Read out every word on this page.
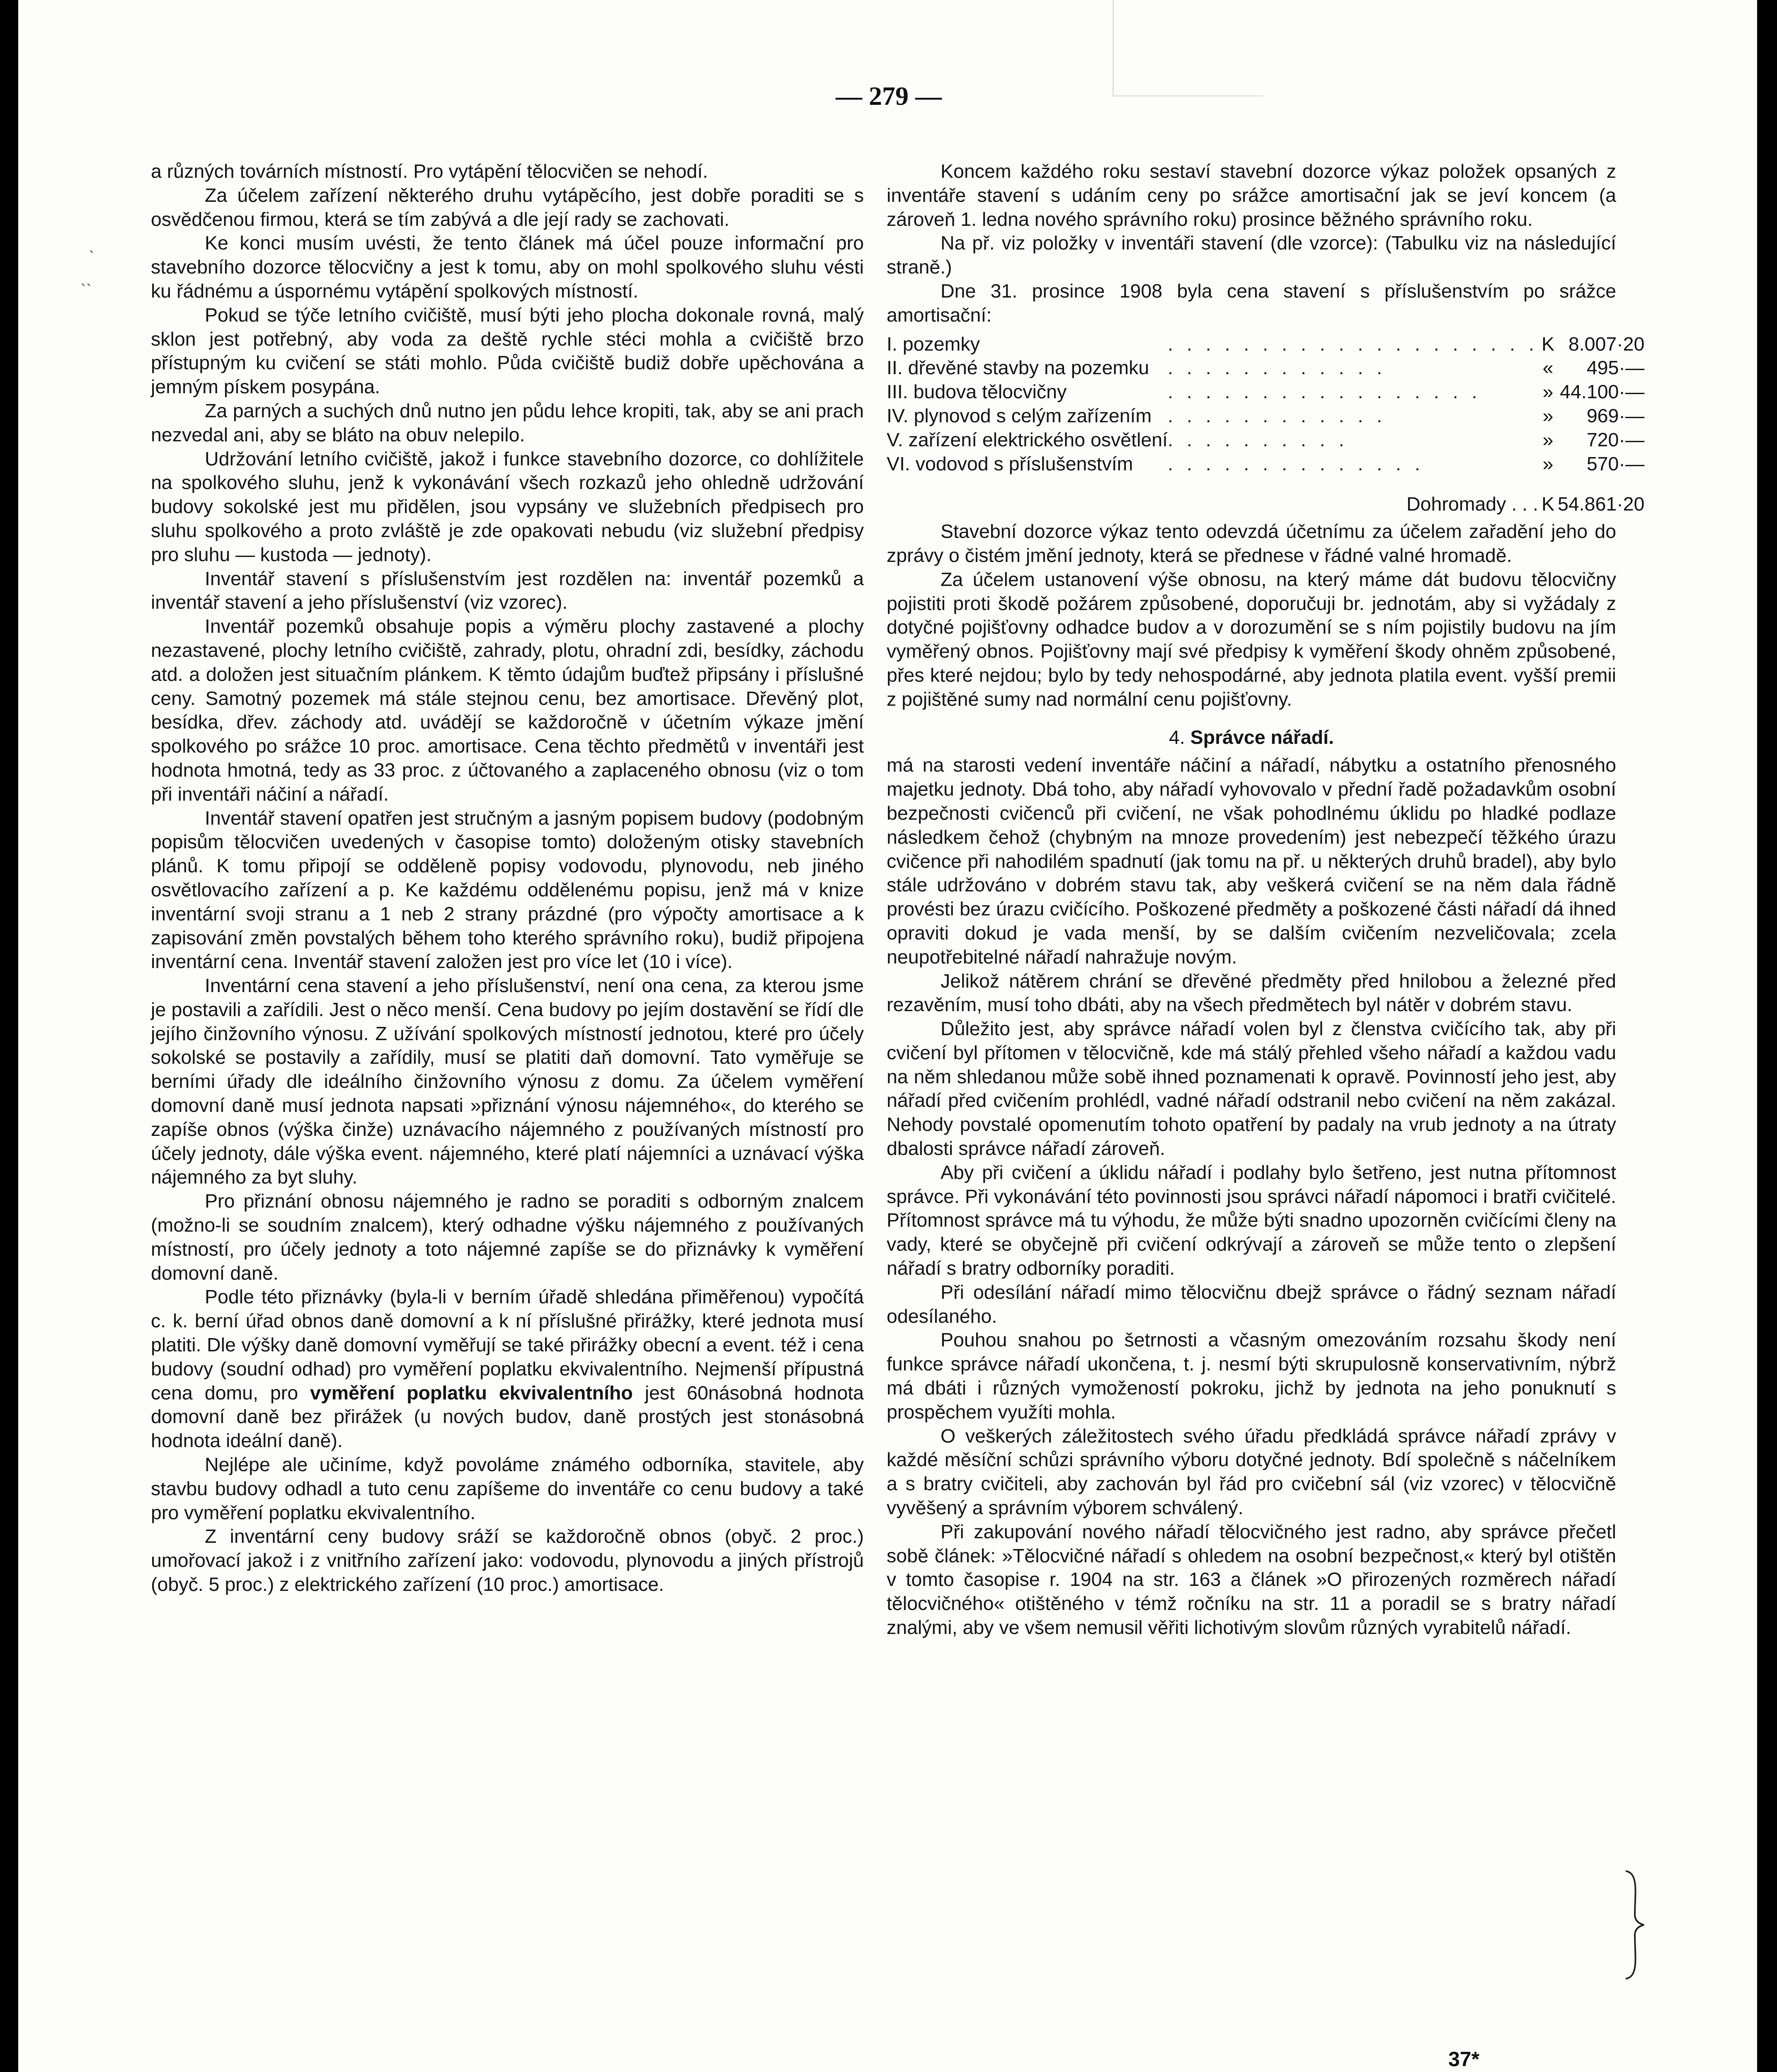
˴
˴˴
— 279 —

a různých továrních místností. Pro vytápění tělocvičen se nehodí.

Za účelem zařízení některého druhu vytápěcího, jest dobře poraditi se s osvědčenou firmou, která se tím zabývá a dle její rady se zachovati.

Ke konci musím uvésti, že tento článek má účel pouze informační pro stavebního dozorce tělocvičny a jest k tomu, aby on mohl spolkového sluhu vésti ku řádnému a úspornému vytápění spolkových místností.

Pokud se týče letního cvičiště, musí býti jeho plocha dokonale rovná, malý sklon jest potřebný, aby voda za deště rychle stéci mohla a cvičiště brzo přístupným ku cvičení se státi mohlo. Půda cvičiště budiž dobře upěchována a jemným pískem posypána.

Za parných a suchých dnů nutno jen půdu lehce kropiti, tak, aby se ani prach nezvedal ani, aby se bláto na obuv nelepilo.

Udržování letního cvičiště, jakož i funkce stavebního dozorce, co dohlížitele na spolkového sluhu, jenž k vykonávání všech rozkazů jeho ohledně udržování budovy sokolské jest mu přidělen, jsou vypsány ve služebních předpisech pro sluhu spolkového a proto zvláště je zde opakovati nebudu (viz služební předpisy pro sluhu — kustoda — jednoty).

Inventář stavení s příslušenstvím jest rozdělen na: inventář pozemků a inventář stavení a jeho příslušenství (viz vzorec).

Inventář pozemků obsahuje popis a výměru plochy zastavené a plochy nezastavené, plochy letního cvičiště, zahrady, plotu, ohradní zdi, besídky, záchodu atd. a doložen jest situačním plánkem. K těmto údajům buďtež připsány i příslušné ceny. Samotný pozemek má stále stejnou cenu, bez amortisace. Dřevěný plot, besídka, dřev. záchody atd. uvádějí se každoročně v účetním výkaze jmění spolkového po srážce 10 proc. amortisace. Cena těchto předmětů v inventáři jest hodnota hmotná, tedy as 33 proc. z účtovaného a zaplaceného obnosu (viz o tom při inventáři náčiní a nářadí.

Inventář stavení opatřen jest stručným a jasným popisem budovy (podobným popisům tělocvičen uvedených v časopise tomto) doloženým otisky stavebních plánů. K tomu připojí se odděleně popisy vodovodu, plynovodu, neb jiného osvětlovacího zařízení a p. Ke každému oddělenému popisu, jenž má v knize inventární svoji stranu a 1 neb 2 strany prázdné (pro výpočty amortisace a k zapisování změn povstalých během toho kterého správního roku), budiž připojena inventární cena. Inventář stavení založen jest pro více let (10 i více).

Inventární cena stavení a jeho příslušenství, není ona cena, za kterou jsme je postavili a zařídili. Jest o něco menší. Cena budovy po jejím dostavění se řídí dle jejího činžovního výnosu. Z užívání spolkových místností jednotou, které pro účely sokolské se postavily a zařídily, musí se platiti daň domovní. Tato vyměřuje se berními úřady dle ideálního činžovního výnosu z domu. Za účelem vyměření domovní daně musí jednota napsati »přiznání výnosu nájemného«, do kterého se zapíše obnos (výška činže) uznávacího nájemného z používaných místností pro účely jednoty, dále výška event. nájemného, které platí nájemníci a uznávací výška nájemného za byt sluhy.

Pro přiznání obnosu nájemného je radno se poraditi s odborným znalcem (možno-li se soudním znalcem), který odhadne výšku nájemného z používaných místností, pro účely jednoty a toto nájemné zapíše se do přiznávky k vyměření domovní daně.

Podle této přiznávky (byla-li v berním úřadě shledána přiměřenou) vypočítá c. k. berní úřad obnos daně domovní a k ní příslušné přirážky, které jednota musí platiti. Dle výšky daně domovní vyměřují se také přirážky obecní a event. též i cena budovy (soudní odhad) pro vyměření poplatku ekvivalentního. Nejmenší přípustná cena domu, pro vyměření poplatku ekvivalentního jest 60násobná hodnota domovní daně bez přirážek (u nových budov, daně prostých jest stonásobná hodnota ideální daně).

Nejlépe ale učiníme, když povoláme známého odborníka, stavitele, aby stavbu budovy odhadl a tuto cenu zapíšeme do inventáře co cenu budovy a také pro vyměření poplatku ekvivalentního.

Z inventární ceny budovy sráží se každoročně obnos (obyč. 2 proc.) umořovací jakož i z vnitřního zařízení jako: vodovodu, plynovodu a jiných přístrojů (obyč. 5 proc.) z elektrického zařízení (10 proc.) amortisace.

Koncem každého roku sestaví stavební dozorce výkaz položek opsaných z inventáře stavení s udáním ceny po srážce amortisační jak se jeví koncem (a zároveň 1. ledna nového správního roku) prosince běžného správního roku.

Na př. viz položky v inventáři stavení (dle vzorce): (Tabulku viz na následující straně.)

Dne 31. prosince 1908 byla cena stavení s příslušenstvím po srážce amortisační:

I. pozemky	. . . . . . . . . . . . . . . . . . . .	K	8.007·20
II. dřevěné stavby na pozemku	. . . . . . . . . . . .	«	495·—
III. budova tělocvičny	. . . . . . . . . . . . . . . . .	»	44.100·—
IV. plynovod s celým zařízením	. . . . . . . . . . . .	»	969·—
V. zařízení elektrického osvětlení	. . . . . . . . . .	»	720·—
VI. vodovod s příslušenstvím	. . . . . . . . . . . . . .	»	570·—
Dohromady . . .		K	54.861·20

Stavební dozorce výkaz tento odevzdá účetnímu za účelem zařadění jeho do zprávy o čistém jmění jednoty, která se přednese v řádné valné hromadě.

Za účelem ustanovení výše obnosu, na který máme dát budovu tělocvičny pojistiti proti škodě požárem způsobené, doporučuji br. jednotám, aby si vyžádaly z dotyčné pojišťovny odhadce budov a v dorozumění se s ním pojistily budovu na jím vyměřený obnos. Pojišťovny mají své předpisy k vyměření škody ohněm způsobené, přes které nejdou; bylo by tedy nehospodárné, aby jednota platila event. vyšší premii z pojištěné sumy nad normální cenu pojišťovny.

4. Správce nářadí.

má na starosti vedení inventáře náčiní a nářadí, nábytku a ostatního přenosného majetku jednoty. Dbá toho, aby nářadí vyhovovalo v přední řadě požadavkům osobní bezpečnosti cvičenců při cvičení, ne však pohodlnému úklidu po hladké podlaze následkem čehož (chybným na mnoze provedením) jest nebezpečí těžkého úrazu cvičence při nahodilém spadnutí (jak tomu na př. u některých druhů bradel), aby bylo stále udržováno v dobrém stavu tak, aby veškerá cvičení se na něm dala řádně provésti bez úrazu cvičícího. Poškozené předměty a poškozené části nářadí dá ihned opraviti dokud je vada menší, by se dalším cvičením nezveličovala; zcela neupotřebitelné nářadí nahražuje novým.

Jelikož nátěrem chrání se dřevěné předměty před hnilobou a železné před rezavěním, musí toho dbáti, aby na všech předmětech byl nátěr v dobrém stavu.

Důležito jest, aby správce nářadí volen byl z členstva cvičícího tak, aby při cvičení byl přítomen v tělocvičně, kde má stálý přehled všeho nářadí a každou vadu na něm shledanou může sobě ihned poznamenati k opravě. Povinností jeho jest, aby nářadí před cvičením prohlédl, vadné nářadí odstranil nebo cvičení na něm zakázal. Nehody povstalé opomenutím tohoto opatření by padaly na vrub jednoty a na útraty dbalosti správce nářadí zároveň.

Aby při cvičení a úklidu nářadí i podlahy bylo šetřeno, jest nutna přítomnost správce. Při vykonávání této povinnosti jsou správci nářadí nápomoci i bratři cvičitelé. Přítomnost správce má tu výhodu, že může býti snadno upozorněn cvičícími členy na vady, které se obyčejně při cvičení odkrývají a zároveň se může tento o zlepšení nářadí s bratry odborníky poraditi.

Při odesílání nářadí mimo tělocvičnu dbejž správce o řádný seznam nářadí odesílaného.

Pouhou snahou po šetrnosti a včasným omezováním rozsahu škody není funkce správce nářadí ukončena, t. j. nesmí býti skrupulosně konservativním, nýbrž má dbáti i různých vymožeností pokroku, jichž by jednota na jeho ponuknutí s prospěchem využíti mohla.

O veškerých záležitostech svého úřadu předkládá správce nářadí zprávy v každé měsíční schůzi správního výboru dotyčné jednoty. Bdí společně s náčelníkem a s bratry cvičiteli, aby zachován byl řád pro cvičební sál (viz vzorec) v tělocvičně vyvěšený a správním výborem schválený.

Při zakupování nového nářadí tělocvičného jest radno, aby správce přečetl sobě článek: »Tělocvičné nářadí s ohledem na osobní bezpečnost,« který byl otištěn v tomto časopise r. 1904 na str. 163 a článek »O přirozených rozměrech nářadí tělocvičného« otištěného v témž ročníku na str. 11 a poradil se s bratry nářadí znalými, aby ve všem nemusil věřiti lichotivým slovům různých vyrabitelů nářadí.

37*
